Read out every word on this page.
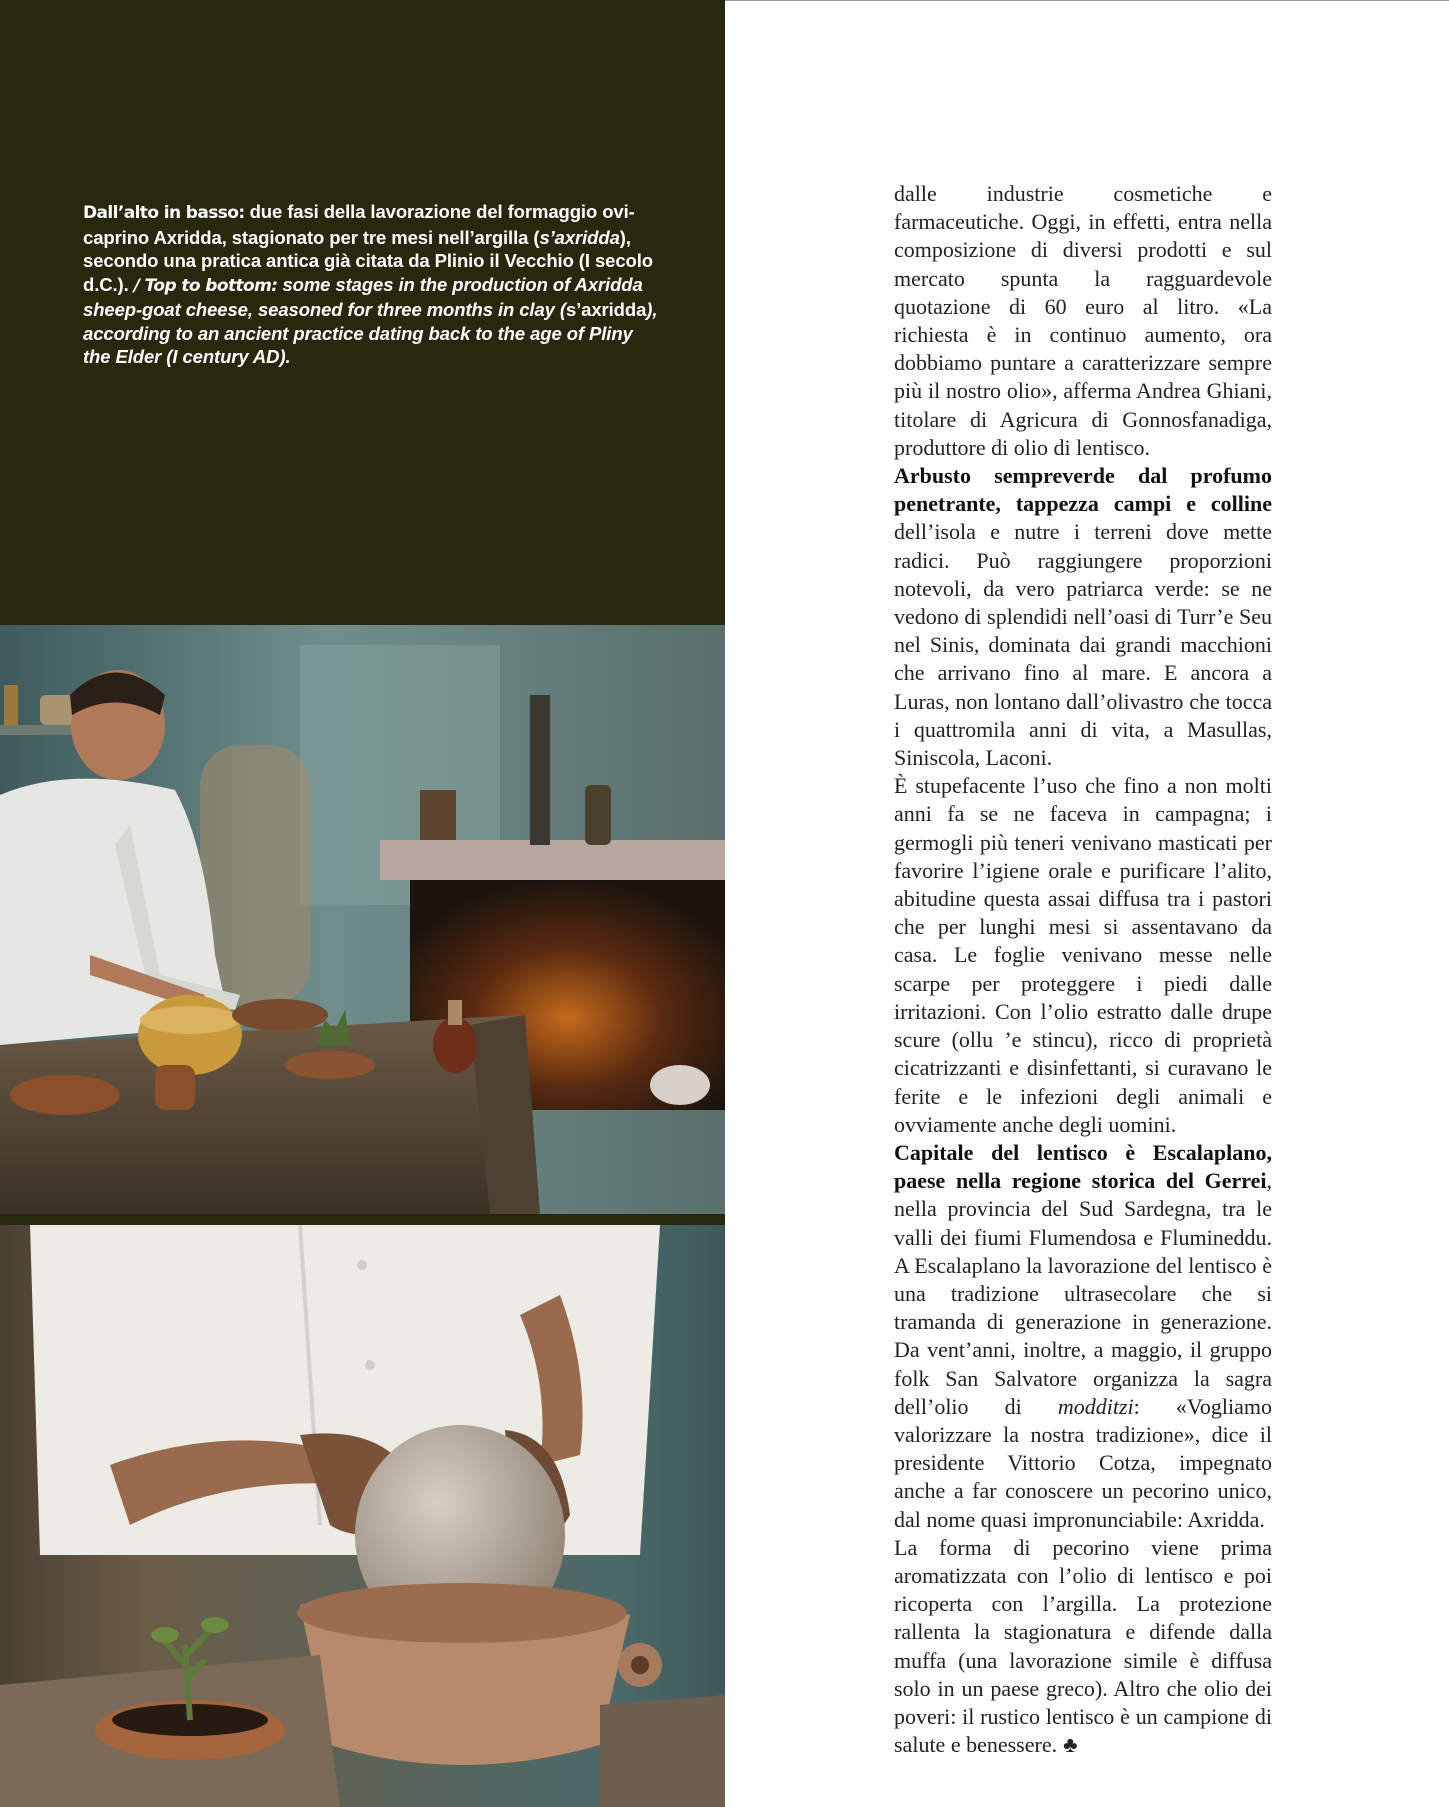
Dall’alto in basso: due fasi della lavorazione del formaggio ovi-caprino Axridda, stagionato per tre mesi nell’argilla (s’axridda), secondo una pratica antica già citata da Plinio il Vecchio (I secolo d.C.). / Top to bottom: some stages in the production of Axridda sheep-goat cheese, seasoned for three months in clay (s’axridda), according to an ancient practice dating back to the age of Pliny the Elder (I century AD).

dalle industrie cosmetiche e farmaceutiche. Oggi, in effetti, entra nella composizione di diversi prodotti e sul mercato spunta la ragguardevole quotazione di 60 euro al litro. «La richiesta è in continuo aumento, ora dobbiamo puntare a caratterizzare sempre più il nostro olio», afferma Andrea Ghiani, titolare di Agricura di Gonnosfanadiga, produttore di olio di lentisco.

Arbusto sempreverde dal profumo penetrante, tappezza campi e colline dell’isola e nutre i terreni dove mette radici. Può raggiungere proporzioni notevoli, da vero patriarca verde: se ne vedono di splendidi nell’oasi di Turr’e Seu nel Sinis, dominata dai grandi macchioni che arrivano fino al mare. E ancora a Luras, non lontano dall’olivastro che tocca i quattromila anni di vita, a Masullas, Siniscola, Laconi.

È stupefacente l’uso che fino a non molti anni fa se ne faceva in campagna; i germogli più teneri venivano masticati per favorire l’igiene orale e purificare l’alito, abitudine questa assai diffusa tra i pastori che per lunghi mesi si assentavano da casa. Le foglie venivano messe nelle scarpe per proteggere i piedi dalle irritazioni. Con l’olio estratto dalle drupe scure (ollu ’e stincu), ricco di proprietà cicatrizzanti e disinfettanti, si curavano le ferite e le infezioni degli animali e ovviamente anche degli uomini.

Capitale del lentisco è Escalaplano, paese nella regione storica del Gerrei, nella provincia del Sud Sardegna, tra le valli dei fiumi Flumendosa e Flumineddu. A Escalaplano la lavorazione del lentisco è una tradizione ultrasecolare che si tramanda di generazione in generazione. Da vent’anni, inoltre, a maggio, il gruppo folk San Salvatore organizza la sagra dell’olio di modditzi: «Vogliamo valorizzare la nostra tradizione», dice il presidente Vittorio Cotza, impegnato anche a far conoscere un pecorino unico, dal nome quasi impronunciabile: Axridda.

La forma di pecorino viene prima aromatizzata con l’olio di lentisco e poi ricoperta con l’argilla. La protezione rallenta la stagionatura e difende dalla muffa (una lavorazione simile è diffusa solo in un paese greco). Altro che olio dei poveri: il rustico lentisco è un campione di salute e benessere. ♣
